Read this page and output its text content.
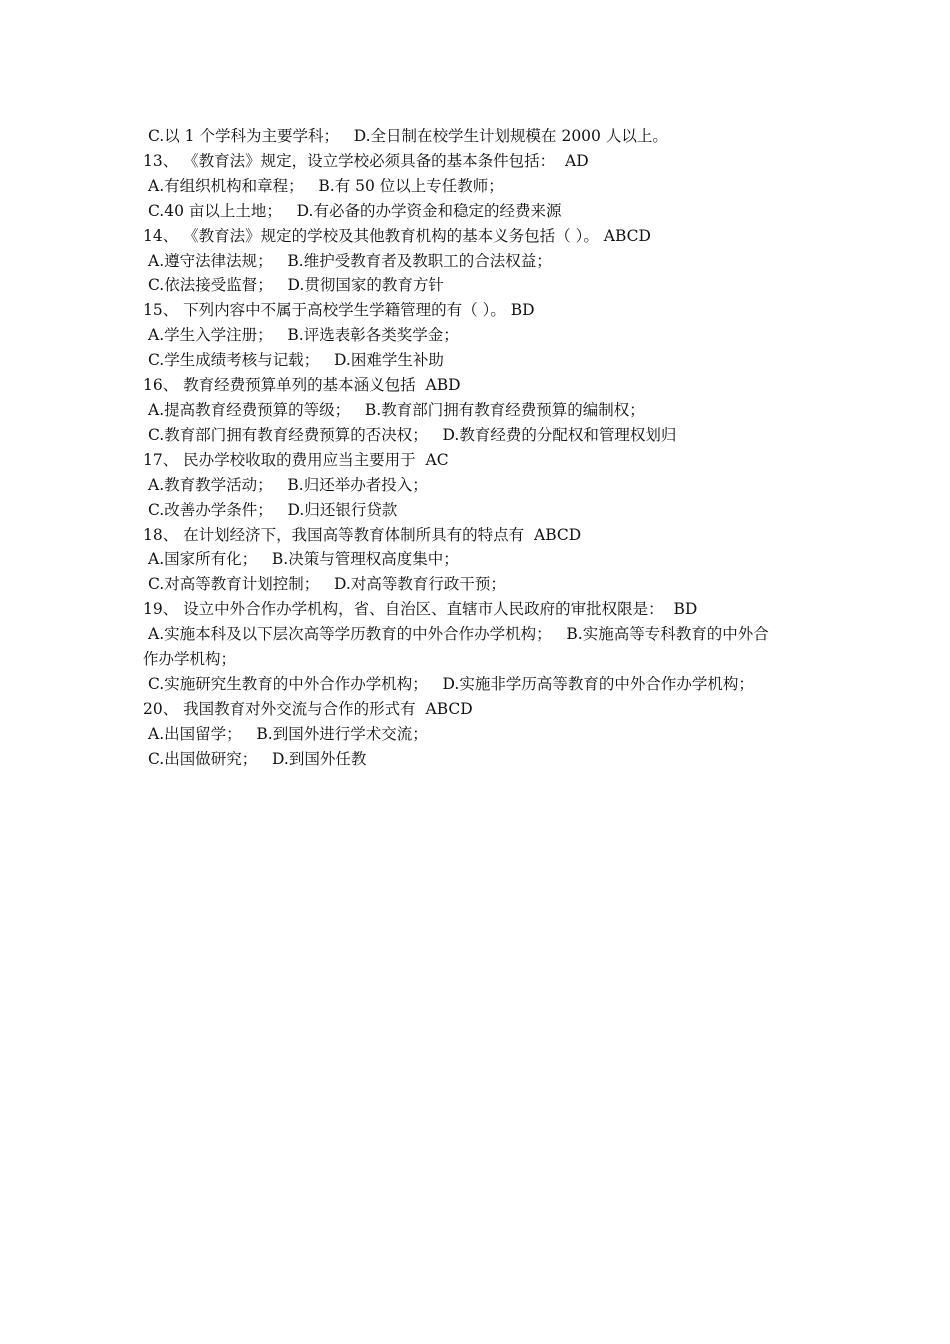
C.以 1 个学科为主要学科；   D.全日制在校学生计划规模在 2000 人以上。
13、 《教育法》规定，设立学校必须具备的基本条件包括：  AD
A.有组织机构和章程；   B.有 50 位以上专任教师；
C.40 亩以上土地；   D.有必备的办学资金和稳定的经费来源
14、 《教育法》规定的学校及其他教育机构的基本义务包括（ ）。 ABCD
A.遵守法律法规；   B.维护受教育者及教职工的合法权益；
C.依法接受监督；   D.贯彻国家的教育方针
15、 下列内容中不属于高校学生学籍管理的有（ ）。 BD
A.学生入学注册；   B.评选表彰各类奖学金；
C.学生成绩考核与记载；   D.困难学生补助
16、 教育经费预算单列的基本涵义包括  ABD
A.提高教育经费预算的等级；   B.教育部门拥有教育经费预算的编制权；
C.教育部门拥有教育经费预算的否决权；   D.教育经费的分配权和管理权划归
17、 民办学校收取的费用应当主要用于  AC
A.教育教学活动；   B.归还举办者投入；
C.改善办学条件；   D.归还银行贷款
18、 在计划经济下，我国高等教育体制所具有的特点有  ABCD
A.国家所有化；   B.决策与管理权高度集中；
C.对高等教育计划控制；   D.对高等教育行政干预；
19、 设立中外合作办学机构，省、自治区、直辖市人民政府的审批权限是：  BD
A.实施本科及以下层次高等学历教育的中外合作办学机构；   B.实施高等专科教育的中外合
作办学机构；
C.实施研究生教育的中外合作办学机构；   D.实施非学历高等教育的中外合作办学机构；
20、 我国教育对外交流与合作的形式有  ABCD
A.出国留学；   B.到国外进行学术交流；
C.出国做研究；   D.到国外任教
